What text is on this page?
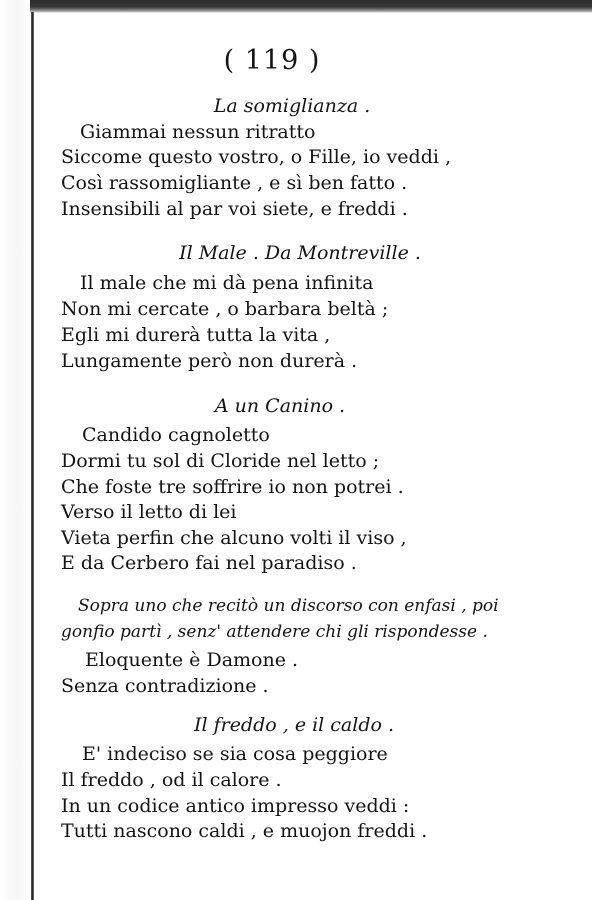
( 119 )
La somiglianza .
Giammai nessun ritratto
Siccome questo vostro, o Fille, io veddi ,
Così rassomigliante , e sì ben fatto .
Insensibili al par voi siete, e freddi .
Il Male . Da Montreville .
Il male che mi dà pena infinita
Non mi cercate , o barbara beltà ;
Egli mi durerà tutta la vita ,
Lungamente però non durerà .
A un Canino .
Candido cagnoletto
Dormi tu sol di Cloride nel letto ;
Che foste tre soffrire io non potrei .
Verso il letto di lei
Vieta perfin che alcuno volti il viso ,
E da Cerbero fai nel paradiso .
Sopra uno che recitò un discorso con enfasi , poi
gonfio partì , senz' attendere chi gli rispondesse .
Eloquente è Damone .
Senza contradizione .
Il freddo , e il caldo .
E' indeciso se sia cosa peggiore
Il freddo , od il calore .
In un codice antico impresso veddi :
Tutti nascono caldi , e muojon freddi .
